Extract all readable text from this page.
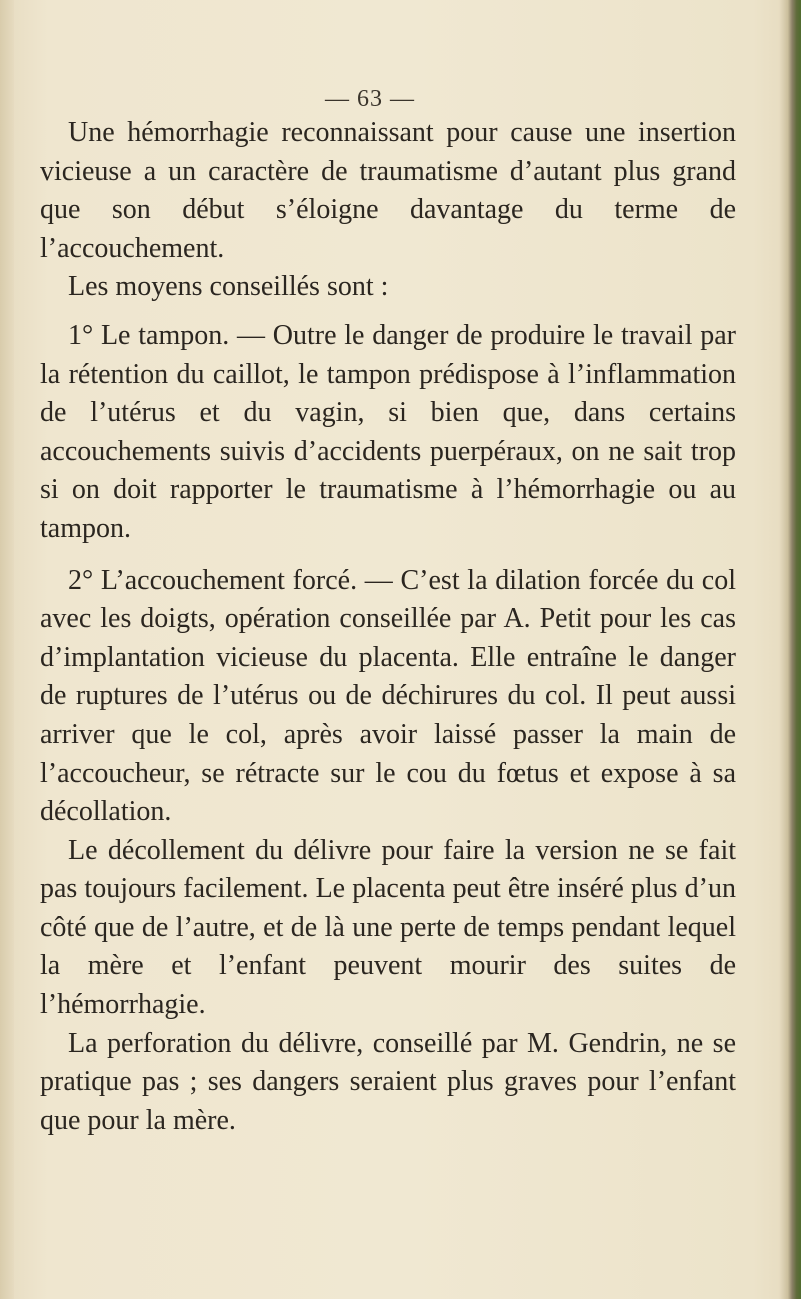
— 63 —

Une hémorrhagie reconnaissant pour cause une insertion vicieuse a un caractère de traumatisme d’autant plus grand que son début s’éloigne davantage du terme de l’accouchement.

Les moyens conseillés sont :

1° Le tampon. — Outre le danger de produire le travail par la rétention du caillot, le tampon prédispose à l’inflammation de l’utérus et du vagin, si bien que, dans certains accouchements suivis d’accidents puerpéraux, on ne sait trop si on doit rapporter le traumatisme à l’hémorrhagie ou au tampon.

2° L’accouchement forcé. — C’est la dilation forcée du col avec les doigts, opération conseillée par A. Petit pour les cas d’implantation vicieuse du placenta. Elle entraîne le danger de ruptures de l’utérus ou de déchirures du col. Il peut aussi arriver que le col, après avoir laissé passer la main de l’accoucheur, se rétracte sur le cou du fœtus et expose à sa décollation.

Le décollement du délivre pour faire la version ne se fait pas toujours facilement. Le placenta peut être inséré plus d’un côté que de l’autre, et de là une perte de temps pendant lequel la mère et l’enfant peuvent mourir des suites de l’hémorrhagie.

La perforation du délivre, conseillé par M. Gendrin, ne se pratique pas ; ses dangers seraient plus graves pour l’enfant que pour la mère.
